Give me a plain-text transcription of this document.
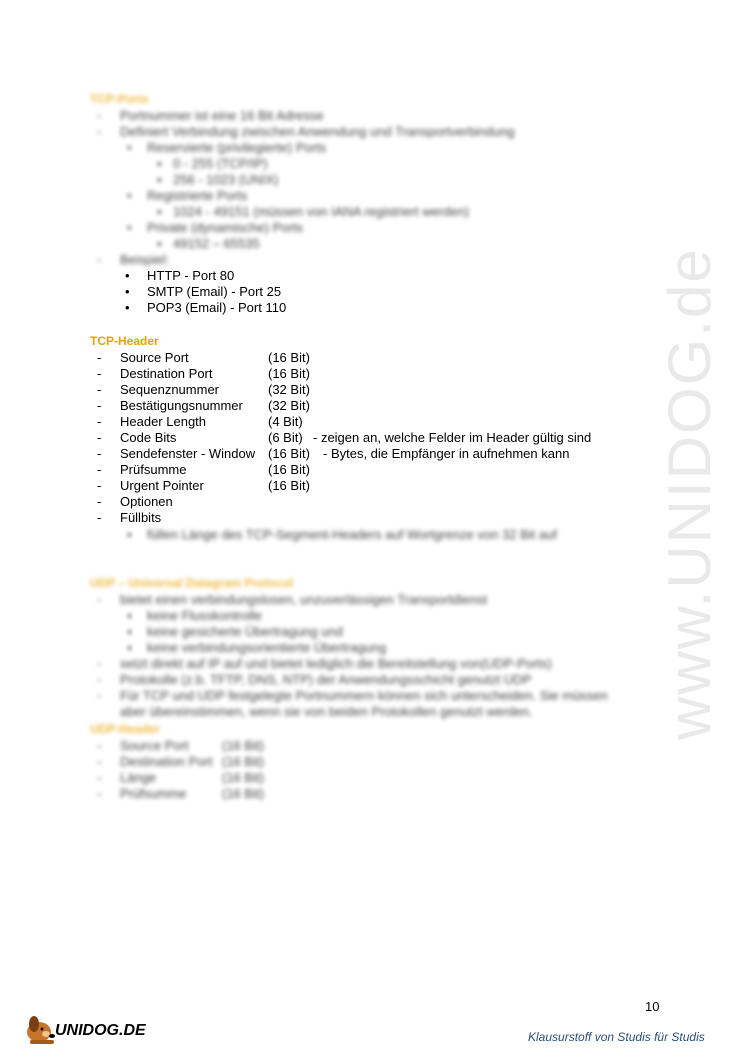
www.UNIDOG.de
TCP-Ports
- Portnummer ist eine 16 Bit Adresse
- Definiert Verbindung zwischen Anwendung und Transportverbindung
• Reservierte (privilegierte) Ports
▪ 0 - 255 (TCP/IP)
▪ 256 - 1023 (UNIX)
• Registrierte Ports
▪ 1024 - 49151 (müssen von IANA registriert werden)
• Private (dynamische) Ports
▪ 49152 – 65535
- Beispiel:
• HTTP - Port 80
• SMTP (Email) - Port 25
• POP3 (Email) - Port 110
TCP-Header
- Source Port	(16 Bit)
- Destination Port	(16 Bit)
- Sequenznummer	(32 Bit)
- Bestätigungsnummer (32 Bit)
- Header Length	(4 Bit)
- Code Bits	(6 Bit) - zeigen an, welche Felder im Header gültig sind
- Sendefenster - Window (16 Bit) - Bytes, die Empfänger in aufnehmen kann
- Prüfsumme	(16 Bit)
- Urgent Pointer	(16 Bit)
- Optionen
- Füllbits
▪ füllen Länge des TCP-Segment-Headers auf Wortgrenze von 32 Bit auf
UDP – Universal Datagram Protocol
- bietet einen verbindungslosen, unzuverlässigen Transportdienst
▪ keine Flusskontrolle
▪ keine gesicherte Übertragung und
▪ keine verbindungsorientierte Übertragung
- setzt direkt auf IP auf und bietet lediglich die Bereitstellung von(UDP-Ports)
- Protokolle (z.b. TFTP, DNS, NTP) der Anwendungsschicht genutzt UDP
- Für TCP und UDP festgelegte Portnummern können sich unterscheiden. Sie müssen
aber übereinstimmen, wenn sie von beiden Protokollen genutzt werden.
UDP-Header
- Source Port	(16 Bit)
- Destination Port (16 Bit)
- Länge	(16 Bit)
- Prüfsumme	(16 Bit)
10
UNIDOG.DE	Klausurstoff von Studis für Studis
